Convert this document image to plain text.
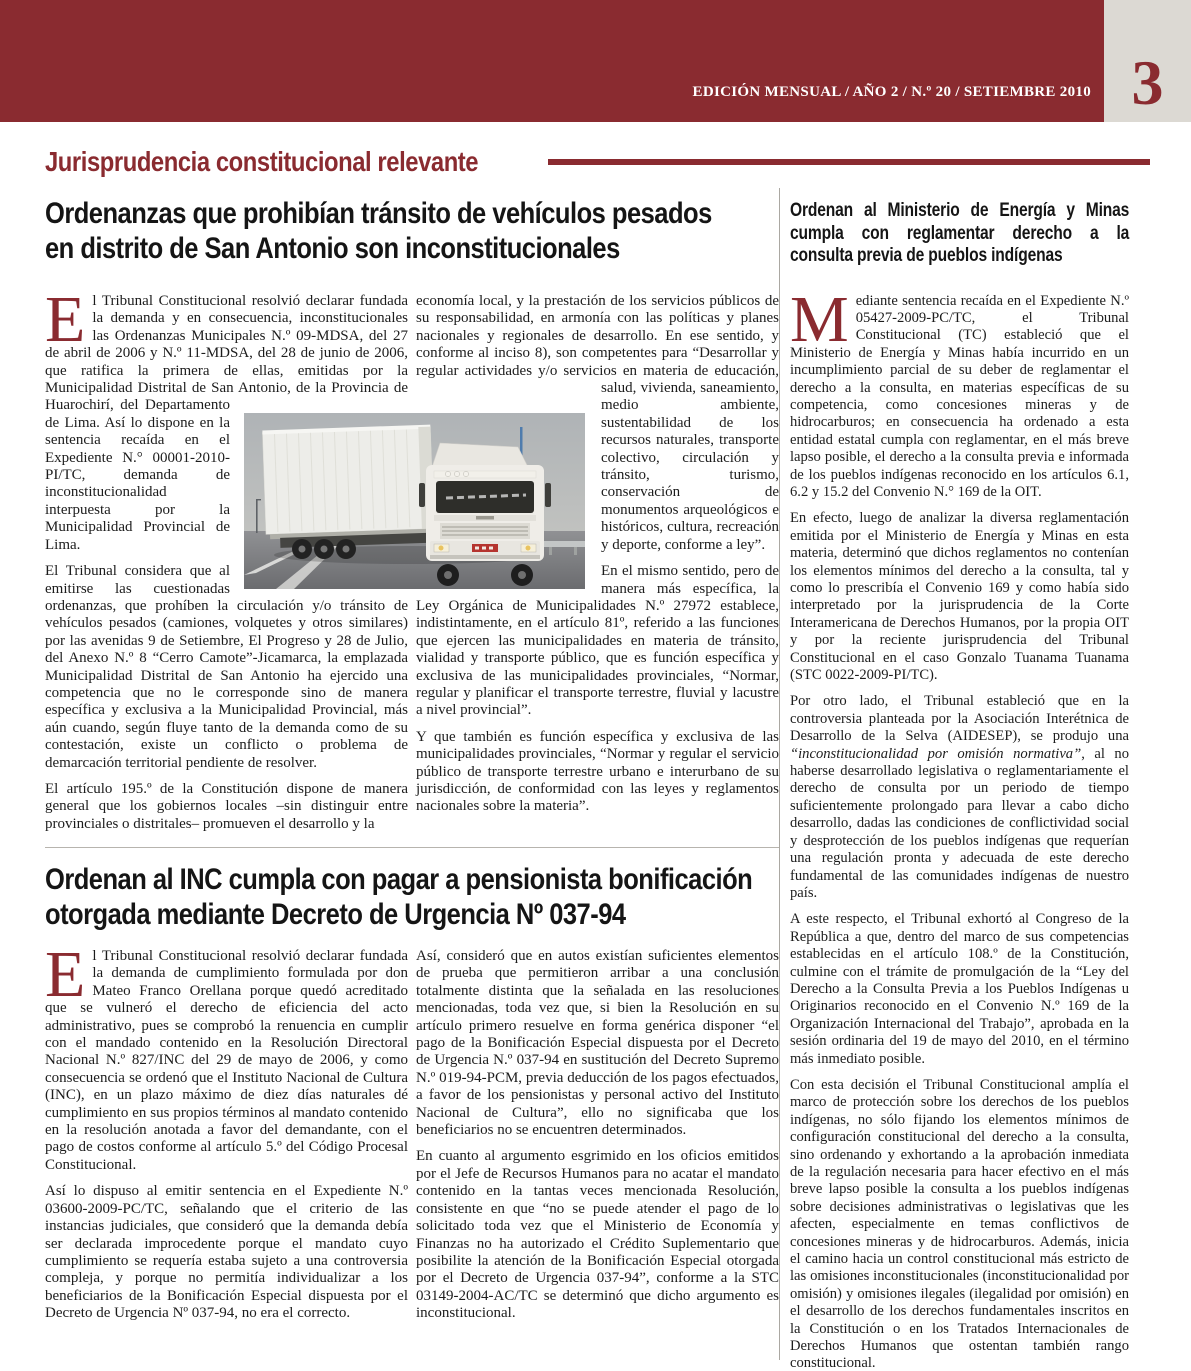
EDICIÓN MENSUAL / AÑO 2 / N.º 20 / SETIEMBRE 2010 3
Jurisprudencia constitucional relevante
Ordenanzas que prohibían tránsito de vehículos pesados
en distrito de San Antonio son inconstitucionales

E l Tribunal Constitucional resolvió declarar fundada la demanda y en consecuencia, inconstitucionales las Ordenanzas Municipales N.º 09-MDSA, del 27 de abril de 2006 y N.º 11-MDSA, del 28 de junio de 2006, que ratifica la primera de ellas, emitidas por la Municipalidad Distrital de San Antonio, de la Provincia de Huarochirí, del Departamento de Lima. Así lo dispone en la sentencia recaída en el Expediente N.° 00001-2010-PI/TC, demanda de inconstitucionalidad interpuesta por la Municipalidad Provincial de Lima.

El Tribunal considera que al emitirse las cuestionadas ordenanzas, que prohíben la circulación y/o tránsito de vehículos pesados (camiones, volquetes y otros similares) por las avenidas 9 de Setiembre, El Progreso y 28 de Julio, del Anexo N.º 8 “Cerro Camote”-Jicamarca, la emplazada Municipalidad Distrital de San Antonio ha ejercido una competencia que no le corresponde sino de manera específica y exclusiva a la Municipalidad Provincial, más aún cuando, según fluye tanto de la demanda como de su contestación, existe un conflicto o problema de demarcación territorial pendiente de resolver.

El artículo 195.º de la Constitución dispone de manera general que los gobiernos locales –sin distinguir entre provinciales o distritales– promueven el desarrollo y la

economía local, y la prestación de los servicios públicos de su responsabilidad, en armonía con las políticas y planes nacionales y regionales de desarrollo. En ese sentido, y conforme al inciso 8), son competentes para “Desarrollar y regular actividades y/o servicios en materia de educación, salud, vivienda, saneamiento, medio ambiente, sustentabilidad de los recursos naturales, transporte colectivo, circulación y tránsito, turismo, conservación de monumentos arqueológicos e históricos, cultura, recreación y deporte, conforme a ley”.

En el mismo sentido, pero de manera más específica, la Ley Orgánica de Municipalidades N.º 27972 establece, indistintamente, en el artículo 81º, referido a las funciones que ejercen las municipalidades en materia de tránsito, vialidad y transporte público, que es función específica y exclusiva de las municipalidades provinciales, “Normar, regular y planificar el transporte terrestre, fluvial y lacustre a nivel provincial”.

Y que también es función específica y exclusiva de las municipalidades provinciales, “Normar y regular el servicio público de transporte terrestre urbano e interurbano de su jurisdicción, de conformidad con las leyes y reglamentos nacionales sobre la materia”.

Ordenan al INC cumpla con pagar a pensionista bonificación
otorgada mediante Decreto de Urgencia Nº 037-94

E l Tribunal Constitucional resolvió declarar fundada la demanda de cumplimiento formulada por don Mateo Franco Orellana porque quedó acreditado que se vulneró el derecho de eficiencia del acto administrativo, pues se comprobó la renuencia en cumplir con el mandado contenido en la Resolución Directoral Nacional N.º 827/INC del 29 de mayo de 2006, y como consecuencia se ordenó que el Instituto Nacional de Cultura (INC), en un plazo máximo de diez días naturales dé cumplimiento en sus propios términos al mandato contenido en la resolución anotada a favor del demandante, con el pago de costos conforme al artículo 5.º del Código Procesal Constitucional.

Así lo dispuso al emitir sentencia en el Expediente N.º 03600-2009-PC/TC, señalando que el criterio de las instancias judiciales, que consideró que la demanda debía ser declarada improcedente porque el mandato cuyo cumplimiento se requería estaba sujeto a una controversia compleja, y porque no permitía individualizar a los beneficiarios de la Bonificación Especial dispuesta por el Decreto de Urgencia Nº 037-94, no era el correcto.

Así, consideró que en autos existían suficientes elementos de prueba que permitieron arribar a una conclusión totalmente distinta que la señalada en las resoluciones mencionadas, toda vez que, si bien la Resolución en su artículo primero resuelve en forma genérica disponer “el pago de la Bonificación Especial dispuesta por el Decreto de Urgencia N.º 037-94 en sustitución del Decreto Supremo N.º 019-94-PCM, previa deducción de los pagos efectuados, a favor de los pensionistas y personal activo del Instituto Nacional de Cultura”, ello no significaba que los beneficiarios no se encuentren determinados.

En cuanto al argumento esgrimido en los oficios emitidos por el Jefe de Recursos Humanos para no acatar el mandato contenido en la tantas veces mencionada Resolución, consistente en que “no se puede atender el pago de lo solicitado toda vez que el Ministerio de Economía y Finanzas no ha autorizado el Crédito Suplementario que posibilite la atención de la Bonificación Especial otorgada por el Decreto de Urgencia 037-94”, conforme a la STC 03149-2004-AC/TC se determinó que dicho argumento es inconstitucional.

Ordenan al Ministerio de Energía y Minas
cumpla con reglamentar derecho a la
consulta previa de pueblos indígenas

M ediante sentencia recaída en el Expediente N.º 05427-2009-PC/TC, el Tribunal Constitucional (TC) estableció que el Ministerio de Energía y Minas había incurrido en un incumplimiento parcial de su deber de reglamentar el derecho a la consulta, en materias específicas de su competencia, como concesiones mineras y de hidrocarburos; en consecuencia ha ordenado a esta entidad estatal cumpla con reglamentar, en el más breve lapso posible, el derecho a la consulta previa e informada de los pueblos indígenas reconocido en los artículos 6.1, 6.2 y 15.2 del Convenio N.° 169 de la OIT.

En efecto, luego de analizar la diversa reglamentación emitida por el Ministerio de Energía y Minas en esta materia, determinó que dichos reglamentos no contenían los elementos mínimos del derecho a la consulta, tal y como lo prescribía el Convenio 169 y como había sido interpretado por la jurisprudencia de la Corte Interamericana de Derechos Humanos, por la propia OIT y por la reciente jurisprudencia del Tribunal Constitucional en el caso Gonzalo Tuanama Tuanama (STC 0022-2009-PI/TC).

Por otro lado, el Tribunal estableció que en la controversia planteada por la Asociación Interétnica de Desarrollo de la Selva (AIDESEP), se produjo una “inconstitucionalidad por omisión normativa”, al no haberse desarrollado legislativa o reglamentariamente el derecho de consulta por un periodo de tiempo suficientemente prolongado para llevar a cabo dicho desarrollo, dadas las condiciones de conflictividad social y desprotección de los pueblos indígenas que requerían una regulación pronta y adecuada de este derecho fundamental de las comunidades indígenas de nuestro país.

A este respecto, el Tribunal exhortó al Congreso de la República a que, dentro del marco de sus competencias establecidas en el artículo 108.º de la Constitución, culmine con el trámite de promulgación de la “Ley del Derecho a la Consulta Previa a los Pueblos Indígenas u Originarios reconocido en el Convenio N.º 169 de la Organización Internacional del Trabajo”, aprobada en la sesión ordinaria del 19 de mayo del 2010, en el término más inmediato posible.

Con esta decisión el Tribunal Constitucional amplía el marco de protección sobre los derechos de los pueblos indígenas, no sólo fijando los elementos mínimos de configuración constitucional del derecho a la consulta, sino ordenando y exhortando a la aprobación inmediata de la regulación necesaria para hacer efectivo en el más breve lapso posible la consulta a los pueblos indígenas sobre decisiones administrativas o legislativas que les afecten, especialmente en temas conflictivos de concesiones mineras y de hidrocarburos. Además, inicia el camino hacia un control constitucional más estricto de las omisiones inconstitucionales (inconstitucionalidad por omisión) y omisiones ilegales (ilegalidad por omisión) en el desarrollo de los derechos fundamentales inscritos en la Constitución o en los Tratados Internacionales de Derechos Humanos que ostentan también rango constitucional.
